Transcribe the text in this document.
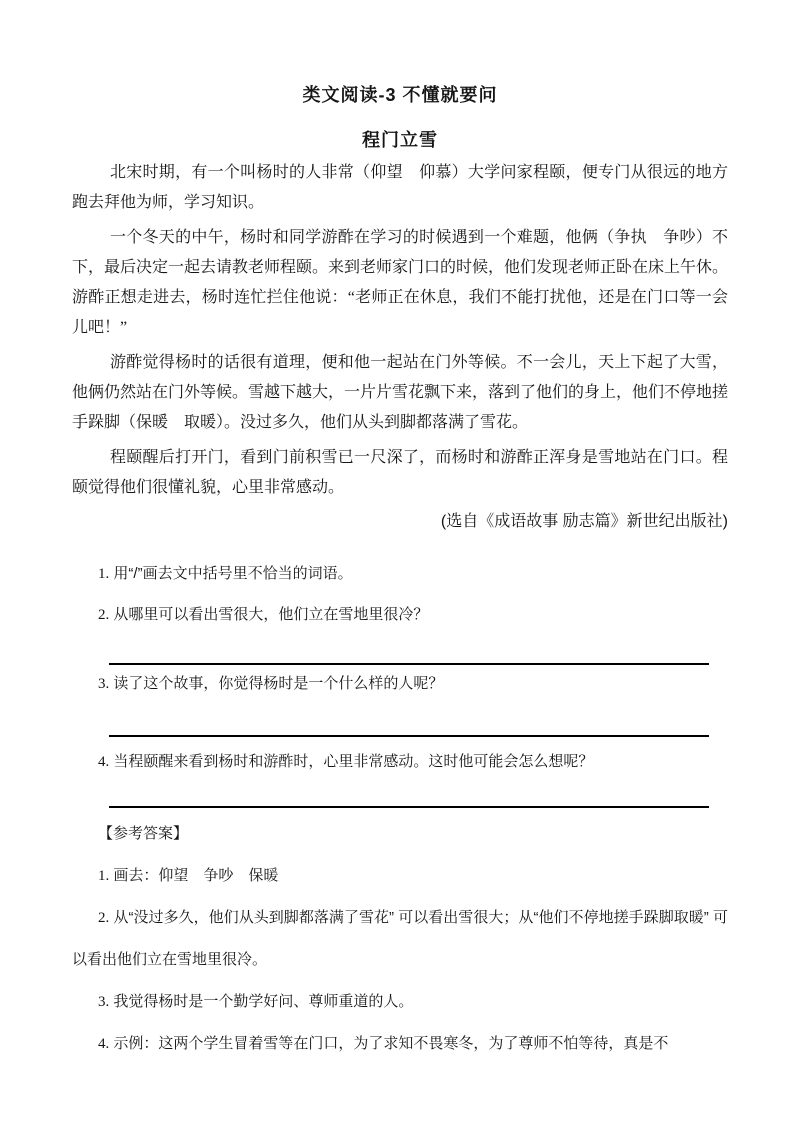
类文阅读-3 不懂就要问
程门立雪

北宋时期，有一个叫杨时的人非常（仰望　仰慕）大学问家程颐，便专门从很远的地方跑去拜他为师，学习知识。

一个冬天的中午，杨时和同学游酢在学习的时候遇到一个难题，他俩（争执　争吵）不下，最后决定一起去请教老师程颐。来到老师家门口的时候，他们发现老师正卧在床上午休。游酢正想走进去，杨时连忙拦住他说：“老师正在休息，我们不能打扰他，还是在门口等一会儿吧！”

游酢觉得杨时的话很有道理，便和他一起站在门外等候。不一会儿，天上下起了大雪，他俩仍然站在门外等候。雪越下越大，一片片雪花飘下来，落到了他们的身上，他们不停地搓手跺脚（保暖　取暖）。没过多久，他们从头到脚都落满了雪花。

程颐醒后打开门，看到门前积雪已一尺深了，而杨时和游酢正浑身是雪地站在门口。程颐觉得他们很懂礼貌，心里非常感动。

(选自《成语故事 励志篇》新世纪出版社)

1. 用“/”画去文中括号里不恰当的词语。

2. 从哪里可以看出雪很大，他们立在雪地里很冷？

3. 读了这个故事，你觉得杨时是一个什么样的人呢？

4. 当程颐醒来看到杨时和游酢时，心里非常感动。这时他可能会怎么想呢？

【参考答案】

1. 画去：仰望　争吵　保暖

2. 从“没过多久，他们从头到脚都落满了雪花” 可以看出雪很大；从“他们不停地搓手跺脚取暖” 可以看出他们立在雪地里很冷。

3. 我觉得杨时是一个勤学好问、尊师重道的人。

4. 示例：这两个学生冒着雪等在门口，为了求知不畏寒冬，为了尊师不怕等待，真是不
